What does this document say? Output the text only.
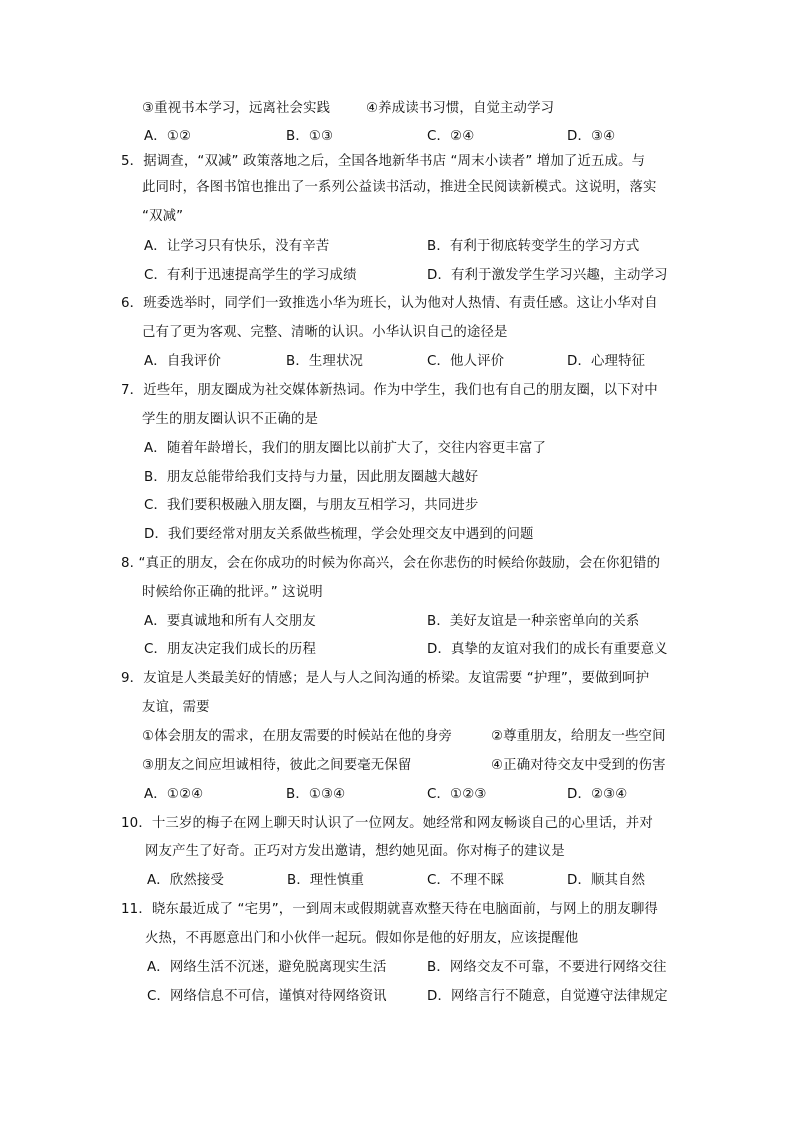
③重视书本学习，远离社会实践	④养成读书习惯，自觉主动学习
A．①②	B．①③	C．②④	D．③④
5．据调查，“双减” 政策落地之后，全国各地新华书店 “周末小读者” 增加了近五成。与
此同时，各图书馆也推出了一系列公益读书活动，推进全民阅读新模式。这说明，落实
“双减”
A．让学习只有快乐，没有辛苦	B．有利于彻底转变学生的学习方式
C．有利于迅速提高学生的学习成绩	D．有利于激发学生学习兴趣，主动学习
6．班委选举时，同学们一致推选小华为班长，认为他对人热情、有责任感。这让小华对自
己有了更为客观、完整、清晰的认识。小华认识自己的途径是
A．自我评价	B．生理状况	C．他人评价	D．心理特征
7．近些年，朋友圈成为社交媒体新热词。作为中学生，我们也有自己的朋友圈，以下对中
学生的朋友圈认识不正确的是
A．随着年龄增长，我们的朋友圈比以前扩大了，交往内容更丰富了
B．朋友总能带给我们支持与力量，因此朋友圈越大越好
C．我们要积极融入朋友圈，与朋友互相学习，共同进步
D．我们要经常对朋友关系做些梳理，学会处理交友中遇到的问题
8. “真正的朋友，会在你成功的时候为你高兴，会在你悲伤的时候给你鼓励，会在你犯错的
时候给你正确的批评。” 这说明
A．要真诚地和所有人交朋友	B．美好友谊是一种亲密单向的关系
C．朋友决定我们成长的历程	D．真挚的友谊对我们的成长有重要意义
9．友谊是人类最美好的情感；是人与人之间沟通的桥梁。友谊需要 “护理”，要做到呵护
友谊，需要
①体会朋友的需求，在朋友需要的时候站在他的身旁	②尊重朋友，给朋友一些空间
③朋友之间应坦诚相待，彼此之间要毫无保留	④正确对待交友中受到的伤害
A．①②④	B．①③④	C．①②③	D．②③④
10．十三岁的梅子在网上聊天时认识了一位网友。她经常和网友畅谈自己的心里话，并对
网友产生了好奇。正巧对方发出邀请，想约她见面。你对梅子的建议是
A．欣然接受	B．理性慎重	C．不理不睬	D．顺其自然
11．晓东最近成了 “宅男”，一到周末或假期就喜欢整天待在电脑面前，与网上的朋友聊得
火热，不再愿意出门和小伙伴一起玩。假如你是他的好朋友，应该提醒他
A．网络生活不沉迷，避免脱离现实生活	B．网络交友不可靠，不要进行网络交往
C．网络信息不可信，谨慎对待网络资讯	D．网络言行不随意，自觉遵守法律规定
